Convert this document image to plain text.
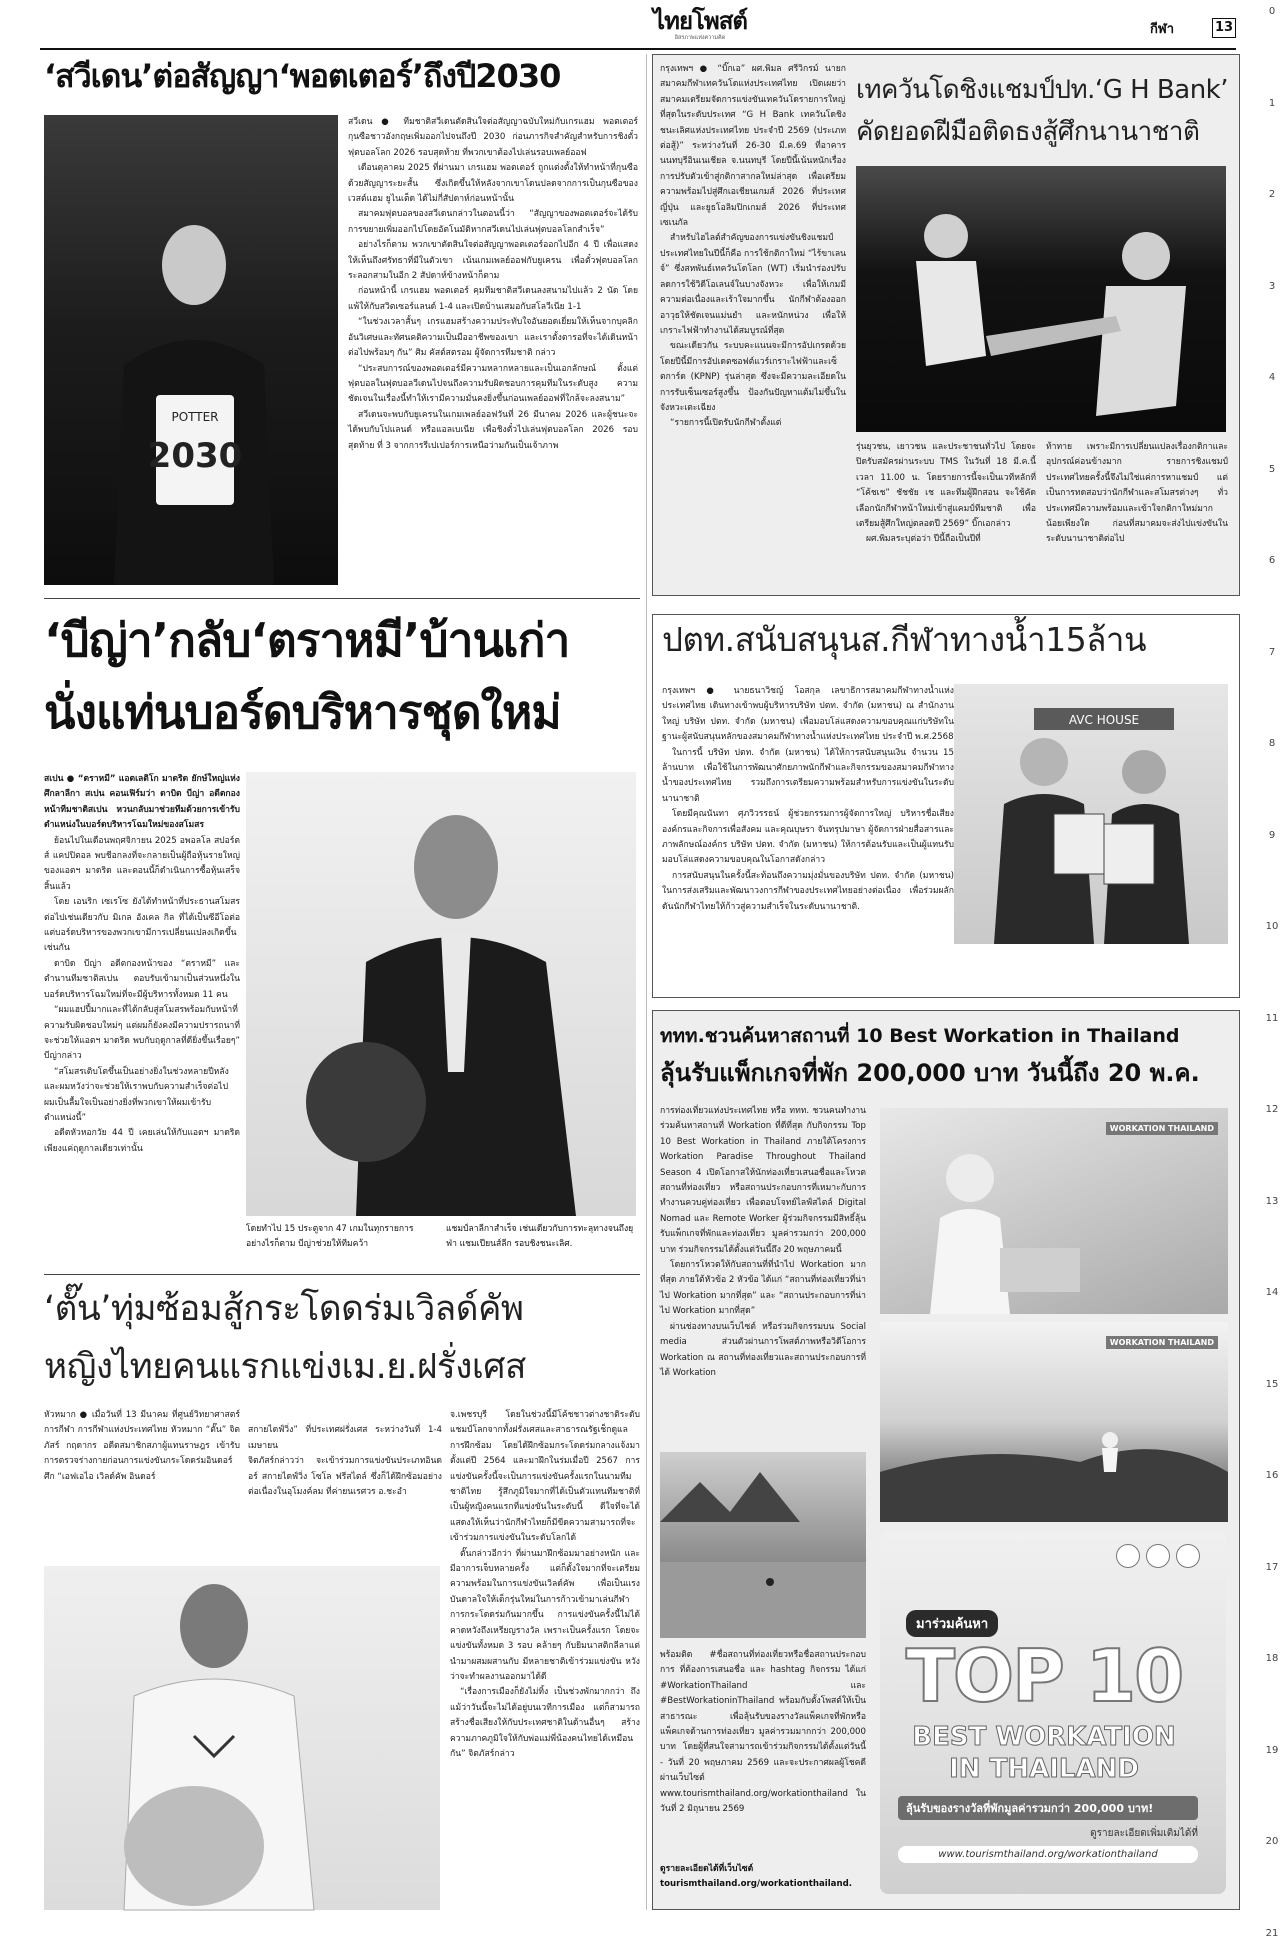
ไทยโพสต์
อิสรภาพแห่งความคิด
กีฬา	13
0
1
2
3
4
5
6
7
8
9
10
11
12
13
14
15
16
17
18
19
20
21
‘สวีเดน’ต่อสัญญา‘พอตเตอร์’ถึงปี2030
POTTER
2030

สวีเดน ● ทีมชาติสวีเดนตัดสินใจต่อสัญญาฉบับใหม่กับเกรแฮม พอตเตอร์ กุนซือชาวอังกฤษเพิ่มออกไปจนถึงปี 2030 ก่อนภารกิจสำคัญสำหรับการชิงตั๋วฟุตบอลโลก 2026 รอบสุดท้าย ที่พวกเขาต้องไปเล่นรอบเพลย์ออฟ

เดือนตุลาคม 2025 ที่ผ่านมา เกรแฮม พอตเตอร์ ถูกแต่งตั้งให้ทำหน้าที่กุนซือด้วยสัญญาระยะสั้น ซึ่งเกิดขึ้นให้หลังจากเขาโดนปลดจากการเป็นกุนซือของเวสต์แฮม ยูไนเต็ด ได้ไม่กี่สัปดาห์ก่อนหน้านั้น

สมาคมฟุตบอลของสวีเดนกล่าวในตอนนี้ว่า “สัญญาของพอตเตอร์จะได้รับการขยายเพิ่มออกไปโดยอัตโนมัติหากสวีเดนไปเล่นฟุตบอลโลกสำเร็จ”

อย่างไรก็ตาม พวกเขาตัดสินใจต่อสัญญาพอตเตอร์ออกไปอีก 4 ปี เพื่อแสดงให้เห็นถึงศรัทธาที่มีในตัวเขา เน้นเกมเพลย์ออฟกับยูเครน เพื่อตั๋วฟุตบอลโลกระลอกสามในอีก 2 สัปดาห์ข้างหน้าก็ตาม

ก่อนหน้านี้ เกรแฮม พอตเตอร์ คุมทีมชาติสวีเดนลงสนามไปแล้ว 2 นัด โดยแพ้ให้กับสวิตเซอร์แลนด์ 1-4 และเปิดบ้านเสมอกับสโลวีเนีย 1-1

“ในช่วงเวลาสั้นๆ เกรแฮมสร้างความประทับใจอันยอดเยี่ยมให้เห็นจากบุคลิกอันวิเศษและทัศนคติความเป็นมืออาชีพของเขา และเราตั้งตารอที่จะได้เดินหน้าต่อไปพร้อมๆ กัน” ศิม คัสต์สตรอม ผู้จัดการทีมชาติ กล่าว

“ประสบการณ์ของพอตเตอร์มีความหลากหลายและเป็นเอกลักษณ์ ตั้งแต่ฟุตบอลในฟุตบอลวีเดนไปจนถึงความรับผิดชอบการคุมทีมในระดับสูง ความชัดเจนในเรื่องนี้ทำให้เรามีความมั่นคงยิ่งขึ้นก่อนเพลย์ออฟที่ใกล้จะลงสนาม”

สวีเดนจะพบกับยูเครนในเกมเพลย์ออฟวันที่ 26 มีนาคม 2026 และผู้ชนะจะได้พบกับโปแลนด์ หรือแอลเบเนีย เพื่อชิงตั๋วไปเล่นฟุตบอลโลก 2026 รอบสุดท้าย ที่ 3 จากการรีเปเปอร์การเหนือว่ามกันเป็นเจ้าภาพ

กรุงเทพฯ ● “บิ๊กเอ” ผศ.พิมล ศรีวิกรม์ นายกสมาคมกีฬาเทควันโดแห่งประเทศไทย เปิดเผยว่า สมาคมเตรียมจัดการแข่งขันเทควันโดรายการใหญ่ที่สุดในระดับประเทศ “G H Bank เทควันโดชิงชนะเลิศแห่งประเทศไทย ประจำปี 2569 (ประเภทต่อสู้)” ระหว่างวันที่ 26-30 มี.ค.69 ที่อาคารนนทบุรีอินเนเชียล จ.นนทบุรี โดยปีนี้เน้นหนักเรื่องการปรับตัวเข้าสู่กติกาสากลใหม่ล่าสุด เพื่อเตรียมความพร้อมไปสู่ศึกเอเชียนเกมส์ 2026 ที่ประเทศญี่ปุ่น และยูธโอลิมปิกเกมส์ 2026 ที่ประเทศเซเนกัล

สำหรับไฮไลต์สำคัญของการแข่งขันชิงแชมป์ประเทศไทยในปีนี้ก็คือ การใช้กติกาใหม่ “ไร้ขาเลนจ์” ซึ่งสหพันธ์เทควันโดโลก (WT) เริ่มนำร่องปรับลดการใช้วิดีโอเลนจ์ในบางจังหวะ เพื่อให้เกมมีความต่อเนื่องและเร้าใจมากขึ้น นักกีฬาต้องออกอาวุธให้ชัดเจนแม่นยำ และหนักหน่วง เพื่อให้เกราะไฟฟ้าทำงานได้สมบูรณ์ที่สุด

ขณะเดียวกัน ระบบคะแนนจะมีการอัปเกรดด้วย โดยปีนี้มีการอัปเดตซอฟต์แวร์เกราะไฟฟ้าและเซ็ตการ์ด (KPNP) รุ่นล่าสุด ซึ่งจะมีความละเอียดในการรับเซ็นเซอร์สูงขึ้น ป้องกันปัญหาแต้มไม่ขึ้นในจังหวะเตะเฉียง

“รายการนี้เปิดรับนักกีฬาตั้งแต่

เทควันโดชิงแชมป์ปท.‘G H Bank’
คัดยอดฝีมือติดธงสู้ศึกนานาชาติ

รุ่นยุวชน, เยาวชน และประชาชนทั่วไป โดยจะปิดรับสมัครผ่านระบบ TMS ในวันที่ 18 มี.ค.นี้ เวลา 11.00 น. โดยรายการนี้จะเป็นเวทีหลักที่ “โค้ชเช” ชัชชัย เช และทีมผู้ฝึกสอน จะใช้คัดเลือกนักกีฬาหน้าใหม่เข้าสู่แคมป์ทีมชาติ เพื่อเตรียมสู้ศึกใหญ่ตลอดปี 2569” บิ๊กเอกล่าว

ผศ.พิมลระบุต่อว่า ปีนี้ถือเป็นปีที่

ท้าทาย เพราะมีการเปลี่ยนแปลงเรื่องกติกาและอุปกรณ์ค่อนข้างมาก รายการชิงแชมป์ประเทศไทยครั้งนี้จึงไม่ใช่แค่การหาแชมป์ แต่เป็นการทดสอบว่านักกีฬาและสโมสรต่างๆ ทั่วประเทศมีความพร้อมและเข้าใจกติกาใหม่มากน้อยเพียงใด ก่อนที่สมาคมจะส่งไปแข่งขันในระดับนานาชาติต่อไป

‘บีญ่า’กลับ‘ตราหมี’บ้านเก่า
นั่งแท่นบอร์ดบริหารชุดใหม่

สเปน ● “ตราหมี” แอตเลติโก มาดริด ยักษ์ใหญ่แห่งศึกลาลีกา สเปน คอนเฟิร์มว่า ดาบิด บีญ่า อดีตกองหน้าทีมชาติสเปน หวนกลับมาช่วยทีมด้วยการเข้ารับตำแหน่งในบอร์ดบริหารโฉมใหม่ของสโมสร

ย้อนไปในเดือนพฤศจิกายน 2025 อพอลโล สปอร์ตส์ แคปปิตอล พบชีอกลงที่จะกลายเป็นผู้ถือหุ้นรายใหญ่ของแอตฯ มาดริด และตอนนี้ก็ดำเนินการซื้อหุ้นเสร็จสิ้นแล้ว

โดย เอนริก เซเรโซ ยังได้ทำหน้าที่ประธานสโมสรต่อไปเช่นเดียวกับ มิเกล อังเคล กิล ที่ได้เป็นซีอีโอต่อ แต่บอร์ดบริหารของพวกเขามีการเปลี่ยนแปลงเกิดขึ้นเช่นกัน

ดาบิด บีญ่า อดีตกองหน้าของ “ตราหมี” และตำนานทีมชาติสเปน ตอบรับเข้ามาเป็นส่วนหนึ่งในบอร์ดบริหารโฉมใหม่ที่จะมีผู้บริหารทั้งหมด 11 คน

“ผมแฮปปี้มากและที่ได้กลับสู่สโมสรพร้อมกับหน้าที่ความรับผิดชอบใหม่ๆ แต่ผมก็ยังคงมีความปรารถนาที่จะช่วยให้แอตฯ มาดริด พบกับฤดูกาลที่ดียิ่งขึ้นเรื่อยๆ” บีญ่ากล่าว

“สโมสรเติบโตขึ้นเป็นอย่างยิ่งในช่วงหลายปีหลัง และผมหวังว่าจะช่วยให้เราพบกับความสำเร็จต่อไป ผมเป็นลื้มใจเป็นอย่างยิ่งที่พวกเขาให้ผมเข้ารับตำแหน่งนี้”

อดีตหัวหอกวัย 44 ปี เคยเล่นให้กับแอตฯ มาดริด เพียงแค่ฤดูกาลเดียวเท่านั้น

โดยทำไป 15 ประตูจาก 47 เกมในทุกรายการ อย่างไรก็ตาม บีญ่าช่วยให้ทีมคว้า
แชมป์ลาลีกาสำเร็จ เช่นเดียวกับการทะลุทางจนถึงยุฟ่า แชมเปียนส์ลีก รอบชิงชนะเลิศ.
ปตท.สนับสนุนส.กีฬาทางน้ำ15ล้าน

กรุงเทพฯ ● นายธนาวิชญ์ โอสกุล เลขาธิการสมาคมกีฬาทางน้ำแห่งประเทศไทย เดินทางเข้าพบผู้บริหารบริษัท ปตท. จำกัด (มหาชน) ณ สำนักงานใหญ่ บริษัท ปตท. จำกัด (มหาชน) เพื่อมอบโล่แสดงความขอบคุณแก่บริษัทในฐานะผู้สนับสนุนหลักของสมาคมกีฬาทางน้ำแห่งประเทศไทย ประจำปี พ.ศ.2568

ในการนี้ บริษัท ปตท. จำกัด (มหาชน) ได้ให้การสนับสนุนเงิน จำนวน 15 ล้านบาท เพื่อใช้ในการพัฒนาศักยภาพนักกีฬาและกิจกรรมของสมาคมกีฬาทางน้ำของประเทศไทย รวมถึงการเตรียมความพร้อมสำหรับการแข่งขันในระดับนานาชาติ

โดยมีคุณนันทา ศุภวิวรรธน์ ผู้ช่วยกรรมการผู้จัดการใหญ่ บริหารชื่อเสียงองค์กรและกิจการเพื่อสังคม และคุณบุษรา จันทรุปมาษา ผู้จัดการฝ่ายสื่อสารและภาพลักษณ์องค์กร บริษัท ปตท. จำกัด (มหาชน) ให้การต้อนรับและเป็นผู้แทนรับมอบโล่แสดงความขอบคุณในโอกาสดังกล่าว

การสนับสนุนในครั้งนี้สะท้อนถึงความมุ่งมั่นของบริษัท ปตท. จำกัด (มหาชน) ในการส่งเสริมและพัฒนาวงการกีฬาของประเทศไทยอย่างต่อเนื่อง เพื่อร่วมผลักดันนักกีฬาไทยให้ก้าวสู่ความสำเร็จในระดับนานาชาติ.

AVC HOUSE
ททท.ชวนค้นหาสถานที่ 10 Best Workation in Thailand
ลุ้นรับแพ็กเกจที่พัก 200,000 บาท วันนี้ถึง 20 พ.ค.

การท่องเที่ยวแห่งประเทศไทย หรือ ททท. ชวนคนทำงานร่วมค้นหาสถานที่ Workation ที่ดีที่สุด กับกิจกรรม Top 10 Best Workation in Thailand ภายใต้โครงการ Workation Paradise Throughout Thailand Season 4 เปิดโอกาสให้นักท่องเที่ยวเสนอชื่อและโหวตสถานที่ท่องเที่ยว หรือสถานประกอบการที่เหมาะกับการทำงานควบคู่ท่องเที่ยว เพื่อตอบโจทย์ไลฟ์สไตล์ Digital Nomad และ Remote Worker ผู้ร่วมกิจกรรมมีสิทธิ์ลุ้นรับแพ็กเกจที่พักและท่องเที่ยว มูลค่ารวมกว่า 200,000 บาท ร่วมกิจกรรมได้ตั้งแต่วันนี้ถึง 20 พฤษภาคมนี้

โดยการโหวตให้กับสถานที่ที่นำไป Workation มากที่สุด ภายใต้หัวข้อ 2 หัวข้อ ได้แก่ “สถานที่ท่องเที่ยวที่น่าไป Workation มากที่สุด” และ “สถานประกอบการที่น่าไป Workation มากที่สุด”

ผ่านช่องทางบนเว็บไซต์ หรือร่วมกิจกรรมบน Social media ส่วนตัวผ่านการโพสต์ภาพหรือวิดีโอการ Workation ณ สถานที่ท่องเที่ยวและสถานประกอบการที่ได้ Workation

WORKATION THAILAND
WORKATION THAILAND

พร้อมติด #ชื่อสถานที่ท่องเที่ยวหรือชื่อสถานประกอบการ ที่ต้องการเสนอชื่อ และ hashtag กิจกรรม ได้แก่ #WorkationThailand และ #BestWorkationinThailand พร้อมกับตั้งโพสต์ให้เป็นสาธารณะ เพื่อลุ้นรับของรางวัลแพ็คเกจที่พักหรือแพ็คเกจด้านการท่องเที่ยว มูลค่ารวมมากกว่า 200,000 บาท โดยผู้ที่สนใจสามารถเข้าร่วมกิจกรรมได้ตั้งแต่วันนี้ - วันที่ 20 พฤษภาคม 2569 และจะประกาศผลผู้โชคดีผ่านเว็บไซต์ www.tourismthailand.org/workationthailand ในวันที่ 2 มิถุนายน 2569

ดูรายละเอียดได้ที่เว็บไซต์ tourismthailand.org/workationthailand.
มาร่วมค้นหา
TOP 10
BEST WORKATION
IN THAILAND
ลุ้นรับของรางวัลที่พักมูลค่ารวมกว่า 200,000 บาท!
ดูรายละเอียดเพิ่มเติมได้ที่
www.tourismthailand.org/workationthailand
‘ตั๊น’ทุ่มซ้อมสู้กระโดดร่มเวิลด์คัพ
หญิงไทยคนแรกแข่งเม.ย.ฝรั่งเศส

หัวหมาก ● เมื่อวันที่ 13 มีนาคม ที่ศูนย์วิทยาศาสตร์การกีฬา การกีฬาแห่งประเทศไทย หัวหมาก “ตั๊น” จิตภัสร์ กฤดากร อดีตสมาชิกสภาผู้แทนราษฎร เข้ารับการตรวจร่างกายก่อนการแข่งขันกระโดดร่มอินดอร์ ศึก “เอฟเอไอ เวิลด์คัพ อินดอร์

สกายไดฟ์วิ่ง” ที่ประเทศฝรั่งเศส ระหว่างวันที่ 1-4 เมษายน
จิตภัสร์กล่าวว่า จะเข้าร่วมการแข่งขันประเภทอินดอร์ สกายไดฟ์วิ่ง โซโล ฟรีสไตล์ ซึ่งก็ได้ฝึกซ้อมอย่างต่อเนื่องในอุโมงค์ลม ที่ค่ายนเรศวร อ.ชะอำ

จ.เพชรบุรี โดยในช่วงนี้มีโค้ชชาวต่างชาติระดับแชมป์โลกจากทั้งฝรั่งเศสและสาธารณรัฐเช็กดูแลการฝึกซ้อม โดยได้ฝึกซ้อมกระโดดร่มกลางแจ้งมาตั้งแต่ปี 2564 และมาฝึกในร่มเมื่อปี 2567 การแข่งขันครั้งนี้จะเป็นการแข่งขันครั้งแรกในนามทีมชาติไทย รู้สึกภูมิใจมากที่ได้เป็นตัวแทนทีมชาติที่เป็นผู้หญิงคนแรกที่แข่งขันในระดับนี้ ดีใจที่จะได้แสดงให้เห็นว่านักกีฬาไทยก็มีขีดความสามารถที่จะเข้าร่วมการแข่งขันในระดับโลกได้

ตั๊นกล่าวอีกว่า ที่ผ่านมาฝึกซ้อมมาอย่างหนัก และมีอาการเจ็บหลายครั้ง แต่ก็ตั้งใจมากที่จะเตรียมความพร้อมในการแข่งขันเวิลด์คัพ เพื่อเป็นแรงบันดาลใจให้เด็กรุ่นใหม่ในการก้าวเข้ามาเล่นกีฬาการกระโดดร่มกันมากขึ้น การแข่งขันครั้งนี้ไม่ได้คาดหวังถึงเหรียญรางวัล เพราะเป็นครั้งแรก โดยจะแข่งขันทั้งหมด 3 รอบ คล้ายๆ กับยิมนาสติกลีลาแต่นำมาผสมผสานกับ มีหลายชาติเข้าร่วมแข่งขัน หวังว่าจะทำผลงานออกมาได้ดี

“เรื่องการเมืองก็ยังไม่ทิ้ง เป็นช่วงพักมากกว่า ถึงแม้ว่าวันนี้จะไม่ได้อยู่บนเวทีการเมือง แต่ก็สามารถสร้างชื่อเสียงให้กับประเทศชาติในด้านอื่นๆ สร้างความภาคภูมิใจให้กับพ่อแม่พี่น้องคนไทยได้เหมือนกัน” จิตภัสร์กล่าว
